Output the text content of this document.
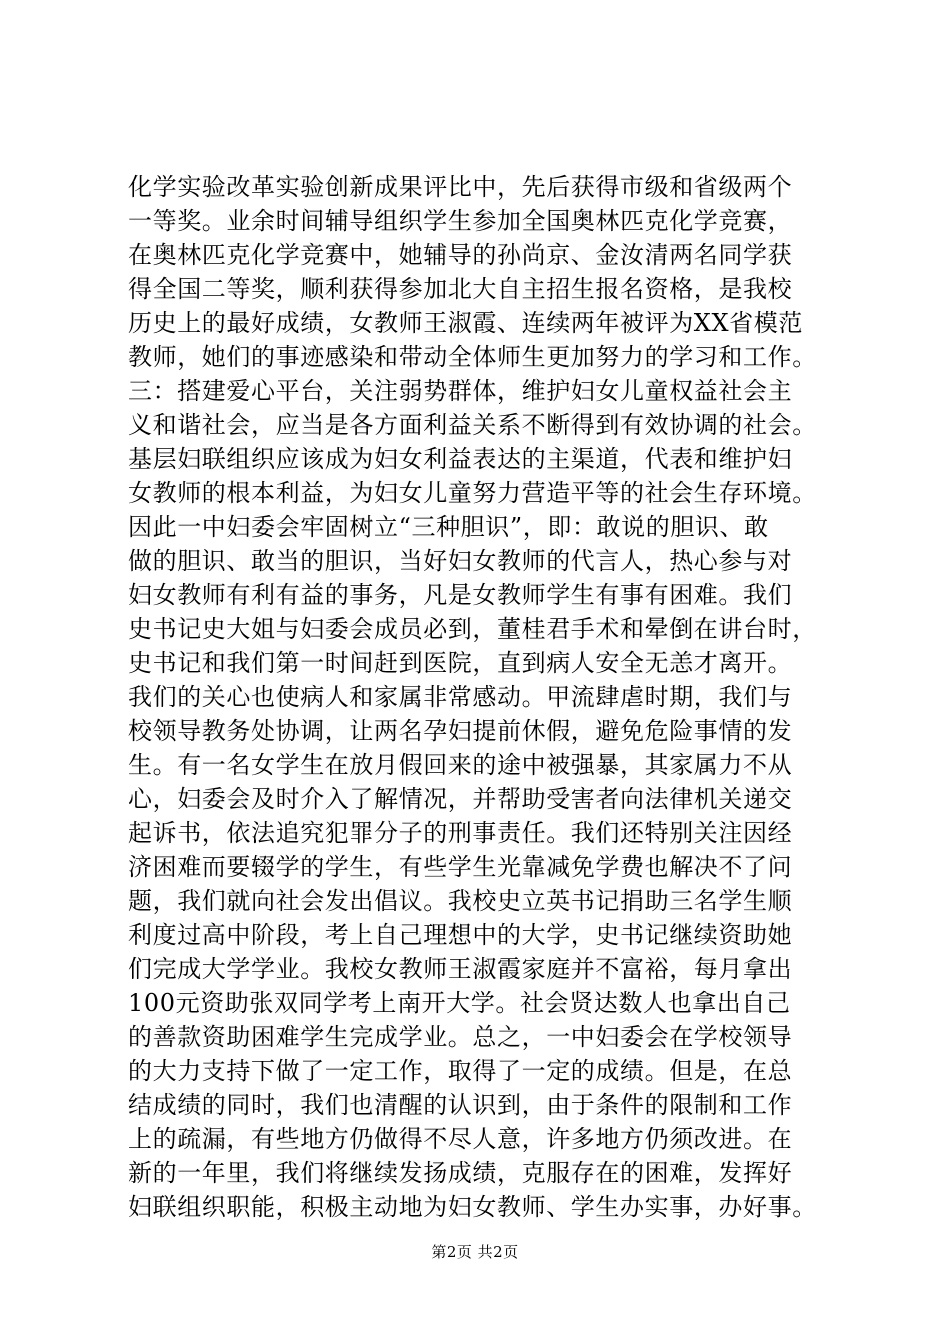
化学实验改革实验创新成果评比中，先后获得市级和省级两个
一等奖。业余时间辅导组织学生参加全国奥林匹克化学竞赛，
在奥林匹克化学竞赛中，她辅导的孙尚京、金汝清两名同学获
得全国二等奖，顺利获得参加北大自主招生报名资格，是我校
历史上的最好成绩，女教师王淑霞、连续两年被评为XX省模范
教师，她们的事迹感染和带动全体师生更加努力的学习和工作。
三：搭建爱心平台，关注弱势群体，维护妇女儿童权益社会主
义和谐社会，应当是各方面利益关系不断得到有效协调的社会。
基层妇联组织应该成为妇女利益表达的主渠道，代表和维护妇
女教师的根本利益，为妇女儿童努力营造平等的社会生存环境。
因此一中妇委会牢固树立“三种胆识”，即：敢说的胆识、敢
做的胆识、敢当的胆识，当好妇女教师的代言人，热心参与对
妇女教师有利有益的事务，凡是女教师学生有事有困难。我们
史书记史大姐与妇委会成员必到，董桂君手术和晕倒在讲台时，
史书记和我们第一时间赶到医院，直到病人安全无恙才离开。
我们的关心也使病人和家属非常感动。甲流肆虐时期，我们与
校领导教务处协调，让两名孕妇提前休假，避免危险事情的发
生。有一名女学生在放月假回来的途中被强暴，其家属力不从
心，妇委会及时介入了解情况，并帮助受害者向法律机关递交
起诉书，依法追究犯罪分子的刑事责任。我们还特别关注因经
济困难而要辍学的学生，有些学生光靠减免学费也解决不了问
题，我们就向社会发出倡议。我校史立英书记捐助三名学生顺
利度过高中阶段，考上自己理想中的大学，史书记继续资助她
们完成大学学业。我校女教师王淑霞家庭并不富裕，每月拿出
100元资助张双同学考上南开大学。社会贤达数人也拿出自己
的善款资助困难学生完成学业。总之，一中妇委会在学校领导
的大力支持下做了一定工作，取得了一定的成绩。但是，在总
结成绩的同时，我们也清醒的认识到，由于条件的限制和工作
上的疏漏，有些地方仍做得不尽人意，许多地方仍须改进。在
新的一年里，我们将继续发扬成绩，克服存在的困难，发挥好
妇联组织职能，积极主动地为妇女教师、学生办实事，办好事。
第2页 共2页
